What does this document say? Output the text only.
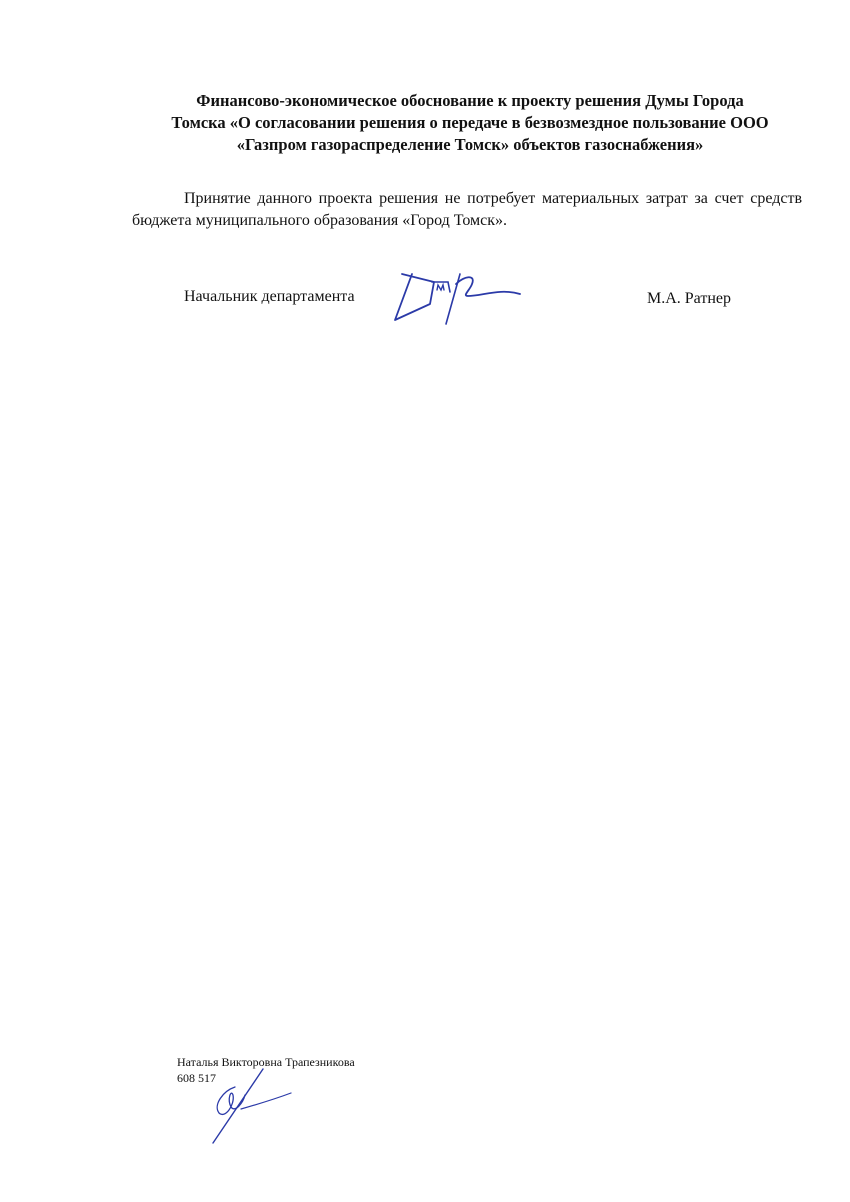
Финансово-экономическое обоснование к проекту решения Думы Города
Томска «О согласовании решения о передаче в безвозмездное пользование ООО
«Газпром газораспределение Томск» объектов газоснабжения»

Принятие данного проекта решения не потребует материальных затрат за счет средств бюджета муниципального образования «Город Томск».

Начальник департамента	М.А. Ратнер
Наталья Викторовна Трапезникова
608 517
